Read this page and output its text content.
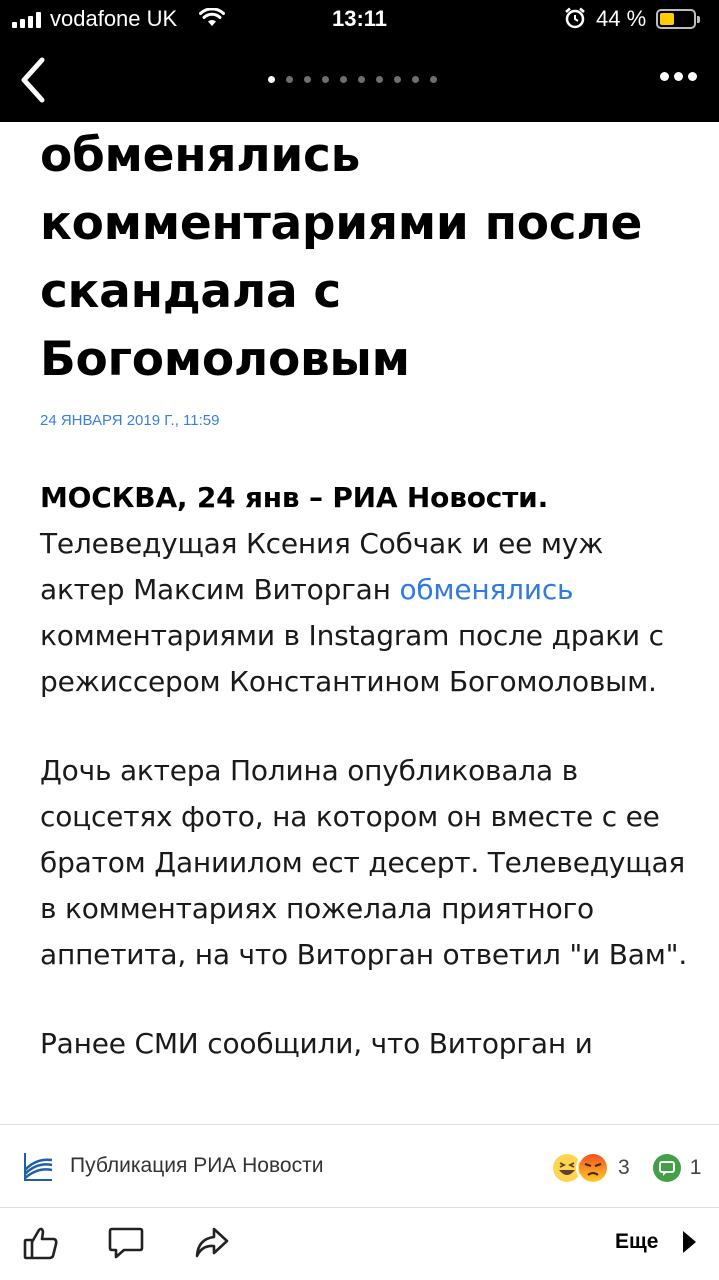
vodafone UK	13:11	44 %
обменялись комментариями после скандала с Богомоловым
24 ЯНВАРЯ 2019 Г., 11:59
МОСКВА, 24 янв – РИА Новости. Телеведущая Ксения Собчак и ее муж актер Максим Виторган обменялись комментариями в Instagram после драки с режиссером Константином Богомоловым.
Дочь актера Полина опубликовала в соцсетях фото, на котором он вместе с ее братом Даниилом ест десерт. Телеведущая в комментариях пожелала приятного аппетита, на что Виторган ответил "и Вам".
Ранее СМИ сообщили, что Виторган и
Публикация РИА Новости	3	1
Еще
